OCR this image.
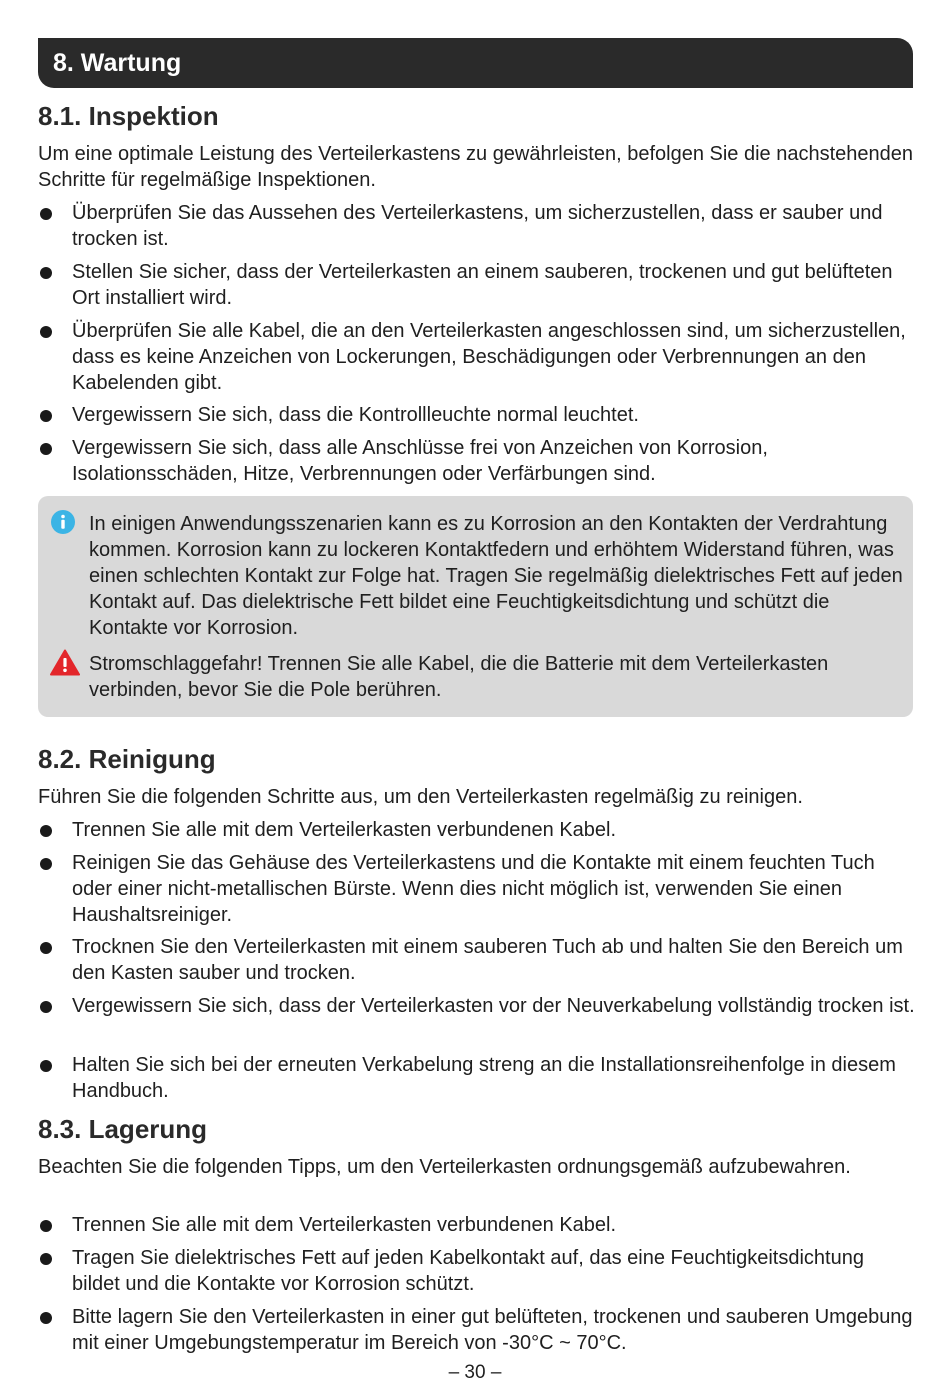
8. Wartung
8.1. Inspektion

Um eine optimale Leistung des Verteilerkastens zu gewährleisten, befolgen Sie die nachstehenden Schritte für regelmäßige Inspektionen.

Überprüfen Sie das Aussehen des Verteilerkastens, um sicherzustellen, dass er sauber und trocken ist.

Stellen Sie sicher, dass der Verteilerkasten an einem sauberen, trockenen und gut belüfteten Ort installiert wird.

Überprüfen Sie alle Kabel, die an den Verteilerkasten angeschlossen sind, um sicherzustellen, dass es keine Anzeichen von Lockerungen, Beschädigungen oder Verbrennungen an den Kabelenden gibt.

Vergewissern Sie sich, dass die Kontrollleuchte normal leuchtet.

Vergewissern Sie sich, dass alle Anschlüsse frei von Anzeichen von Korrosion, Isolationsschäden, Hitze, Verbrennungen oder Verfärbungen sind.

In einigen Anwendungsszenarien kann es zu Korrosion an den Kontakten der Verdrahtung kommen. Korrosion kann zu lockeren Kontaktfedern und erhöhtem Widerstand führen, was einen schlechten Kontakt zur Folge hat. Tragen Sie regelmäßig dielektrisches Fett auf jeden Kontakt auf. Das dielektrische Fett bildet eine Feuchtigkeitsdichtung und schützt die Kontakte vor Korrosion.

Stromschlaggefahr! Trennen Sie alle Kabel, die die Batterie mit dem Verteilerkasten verbinden, bevor Sie die Pole berühren.

8.2. Reinigung

Führen Sie die folgenden Schritte aus, um den Verteilerkasten regelmäßig zu reinigen.

Trennen Sie alle mit dem Verteilerkasten verbundenen Kabel.

Reinigen Sie das Gehäuse des Verteilerkastens und die Kontakte mit einem feuchten Tuch oder einer nicht-metallischen Bürste. Wenn dies nicht möglich ist, verwenden Sie einen Haushaltsreiniger.

Trocknen Sie den Verteilerkasten mit einem sauberen Tuch ab und halten Sie den Bereich um den Kasten sauber und trocken.

Vergewissern Sie sich, dass der Verteilerkasten vor der Neuverkabelung vollständig trocken ist.

Halten Sie sich bei der erneuten Verkabelung streng an die Installationsreihenfolge in diesem Handbuch.

8.3. Lagerung

Beachten Sie die folgenden Tipps, um den Verteilerkasten ordnungsgemäß aufzubewahren.

Trennen Sie alle mit dem Verteilerkasten verbundenen Kabel.

Tragen Sie dielektrisches Fett auf jeden Kabelkontakt auf, das eine Feuchtigkeitsdichtung bildet und die Kontakte vor Korrosion schützt.

Bitte lagern Sie den Verteilerkasten in einer gut belüfteten, trockenen und sauberen Umgebung mit einer Umgebungstemperatur im Bereich von -30°C ~ 70°C.

– 30 –
